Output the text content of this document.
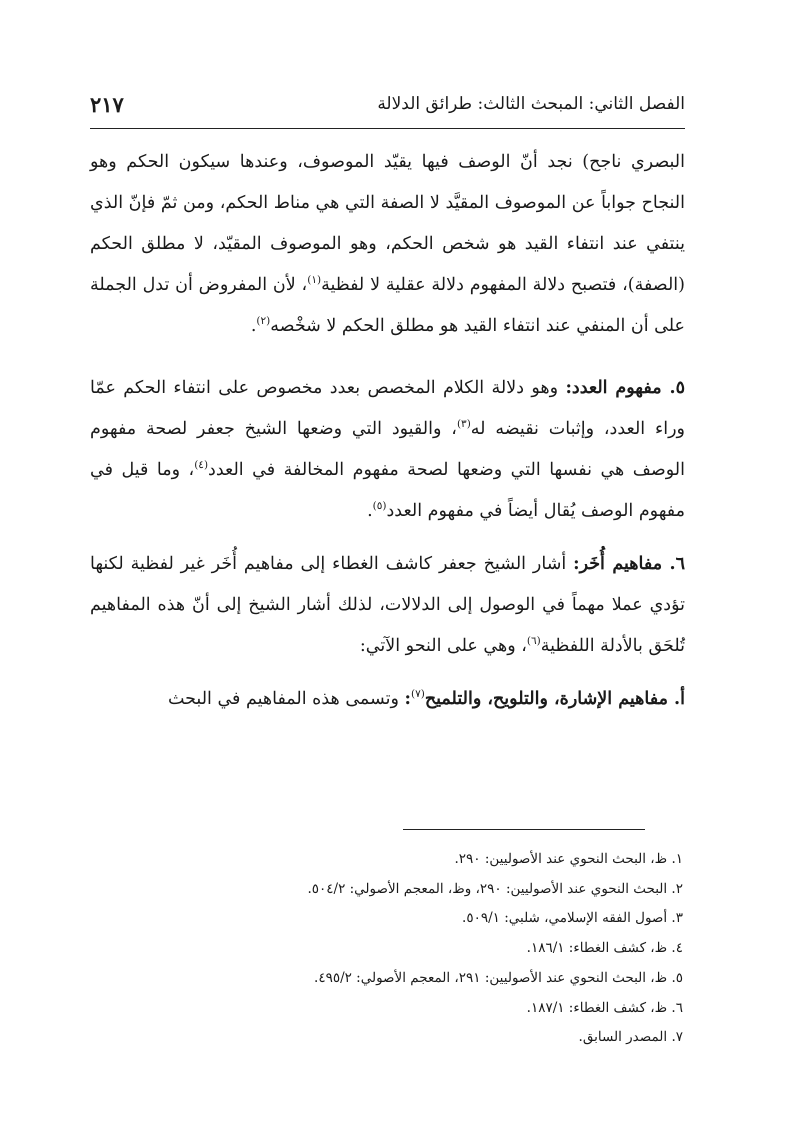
الفصل الثاني: المبحث الثالث: طرائق الدلالة
٢١٧

البصري ناجح) نجد أنّ الوصف فيها يقيّد الموصوف، وعندها سيكون الحكم وهو النجاح جواباً عن الموصوف المقيَّد لا الصفة التي هي مناط الحكم، ومن ثمّ فإنّ الذي ينتفي عند انتفاء القيد هو شخص الحكم، وهو الموصوف المقيّد، لا مطلق الحكم (الصفة)، فتصبح دلالة المفهوم دلالة عقلية لا لفظية$^{(١)}$، لأن المفروض أن تدل الجملة على أن المنفي عند انتفاء القيد هو مطلق الحكم لا شخْصه$^{(٢)}$.

٥. مفهوم العدد: وهو دلالة الكلام المخصص بعدد مخصوص على انتفاء الحكم عمّا وراء العدد، وإثبات نقيضه له$^{(٣)}$، والقيود التي وضعها الشيخ جعفر لصحة مفهوم الوصف هي نفسها التي وضعها لصحة مفهوم المخالفة في العدد$^{(٤)}$، وما قيل في مفهوم الوصف يُقال أيضاً في مفهوم العدد$^{(٥)}$.

٦. مفاهيم أُخَر: أشار الشيخ جعفر كاشف الغطاء إلى مفاهيم أُخَر غير لفظية لكنها تؤدي عملا مهماً في الوصول إلى الدلالات، لذلك أشار الشيخ إلى أنّ هذه المفاهيم تُلحَق بالأدلة اللفظية$^{(٦)}$، وهي على النحو الآتي:

أ. مفاهيم الإشارة، والتلويح، والتلميح$^{(٧)}$: وتسمى هذه المفاهيم في البحث

١. ظ، البحث النحوي عند الأصوليين: ٢٩٠.
٢. البحث النحوي عند الأصوليين: ٢٩٠، وظ، المعجم الأصولي: ٥٠٤/٢.
٣. أصول الفقه الإسلامي، شلبي: ٥٠٩/١.
٤. ظ، كشف الغطاء: ١٨٦/١.
٥. ظ، البحث النحوي عند الأصوليين: ٢٩١، المعجم الأصولي: ٤٩٥/٢.
٦. ظ، كشف الغطاء: ١٨٧/١.
٧. المصدر السابق.
